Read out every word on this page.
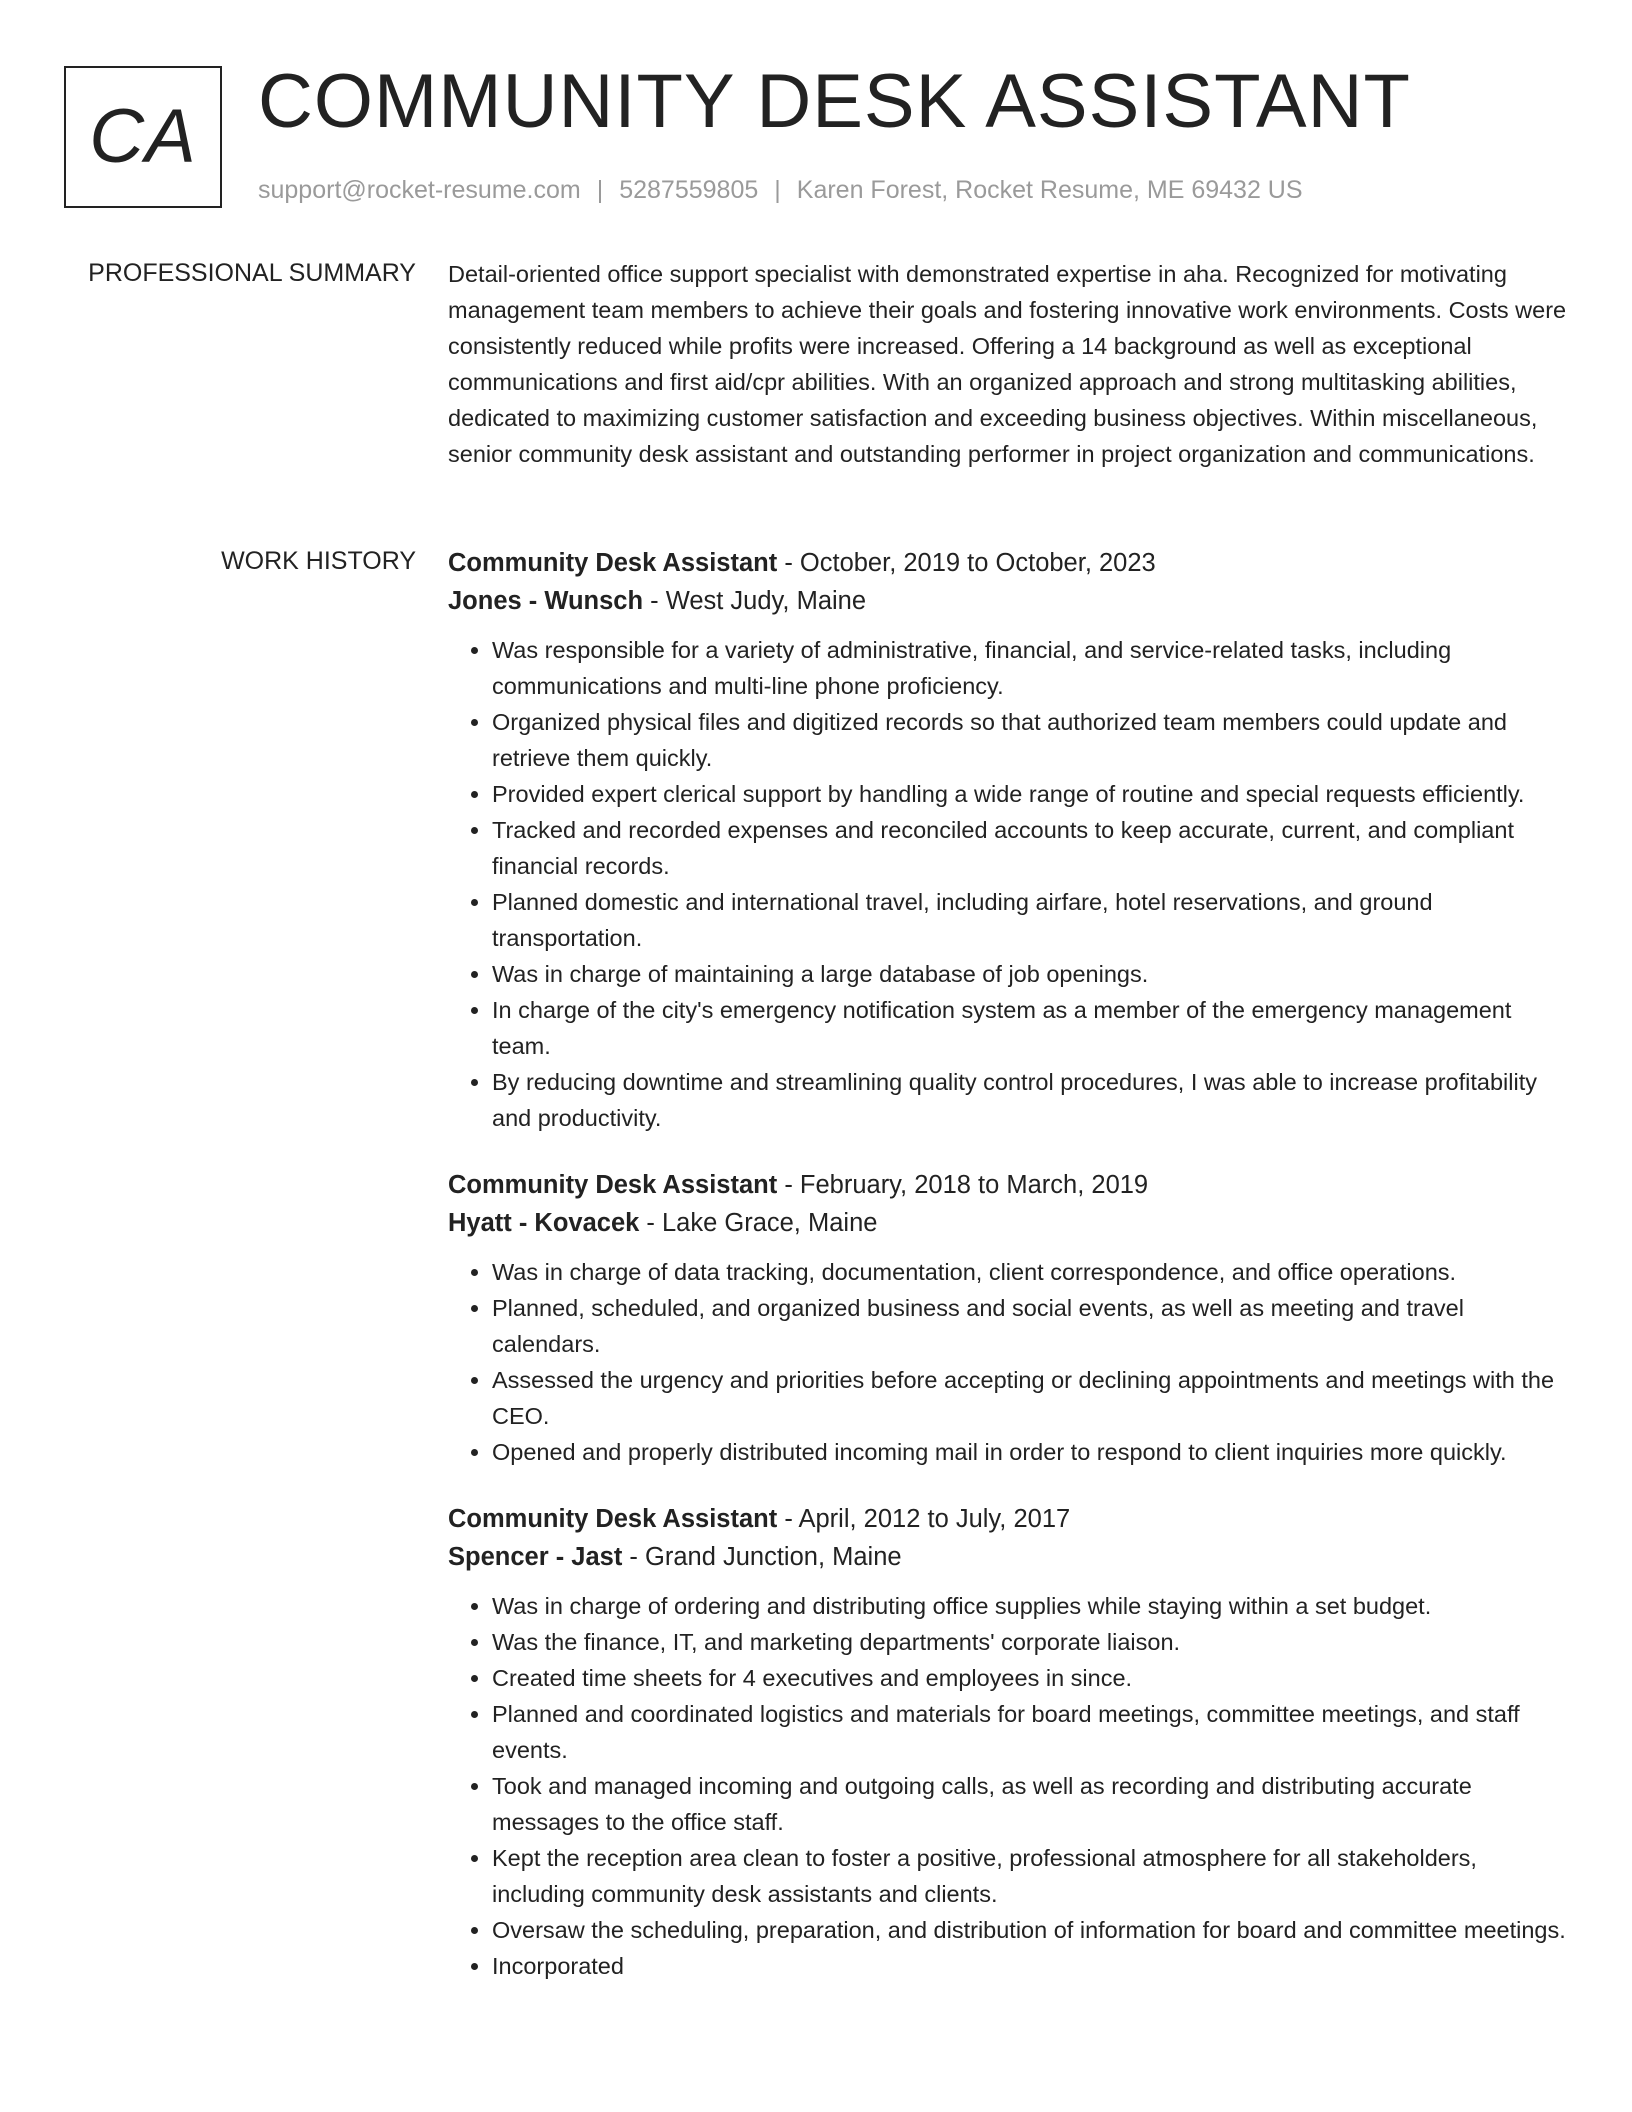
CA COMMUNITY DESK ASSISTANT
support@rocket-resume.com | 5287559805 | Karen Forest, Rocket Resume, ME 69432 US
PROFESSIONAL SUMMARY Detail-oriented office support specialist with demonstrated expertise in aha. Recognized for motivating management team members to achieve their goals and fostering innovative work environments. Costs were consistently reduced while profits were increased. Offering a 14 background as well as exceptional communications and first aid/cpr abilities. With an organized approach and strong multitasking abilities, dedicated to maximizing customer satisfaction and exceeding business objectives. Within miscellaneous, senior community desk assistant and outstanding performer in project organization and communications.

WORK HISTORY Community Desk Assistant - October, 2019 to October, 2023
Jones - Wunsch - West Judy, Maine
• Was responsible for a variety of administrative, financial, and service-related tasks, including communications and multi-line phone proficiency.
• Organized physical files and digitized records so that authorized team members could update and retrieve them quickly.
• Provided expert clerical support by handling a wide range of routine and special requests efficiently.
• Tracked and recorded expenses and reconciled accounts to keep accurate, current, and compliant financial records.
• Planned domestic and international travel, including airfare, hotel reservations, and ground transportation.
• Was in charge of maintaining a large database of job openings.
• In charge of the city's emergency notification system as a member of the emergency management team.
• By reducing downtime and streamlining quality control procedures, I was able to increase profitability and productivity.
Community Desk Assistant - February, 2018 to March, 2019
Hyatt - Kovacek - Lake Grace, Maine
• Was in charge of data tracking, documentation, client correspondence, and office operations.
• Planned, scheduled, and organized business and social events, as well as meeting and travel calendars.
• Assessed the urgency and priorities before accepting or declining appointments and meetings with the CEO.
• Opened and properly distributed incoming mail in order to respond to client inquiries more quickly.
Community Desk Assistant - April, 2012 to July, 2017
Spencer - Jast - Grand Junction, Maine
• Was in charge of ordering and distributing office supplies while staying within a set budget.
• Was the finance, IT, and marketing departments' corporate liaison.
• Created time sheets for 4 executives and employees in since.
• Planned and coordinated logistics and materials for board meetings, committee meetings, and staff events.
• Took and managed incoming and outgoing calls, as well as recording and distributing accurate messages to the office staff.
• Kept the reception area clean to foster a positive, professional atmosphere for all stakeholders, including community desk assistants and clients.
• Oversaw the scheduling, preparation, and distribution of information for board and committee meetings.
• Incorporated
